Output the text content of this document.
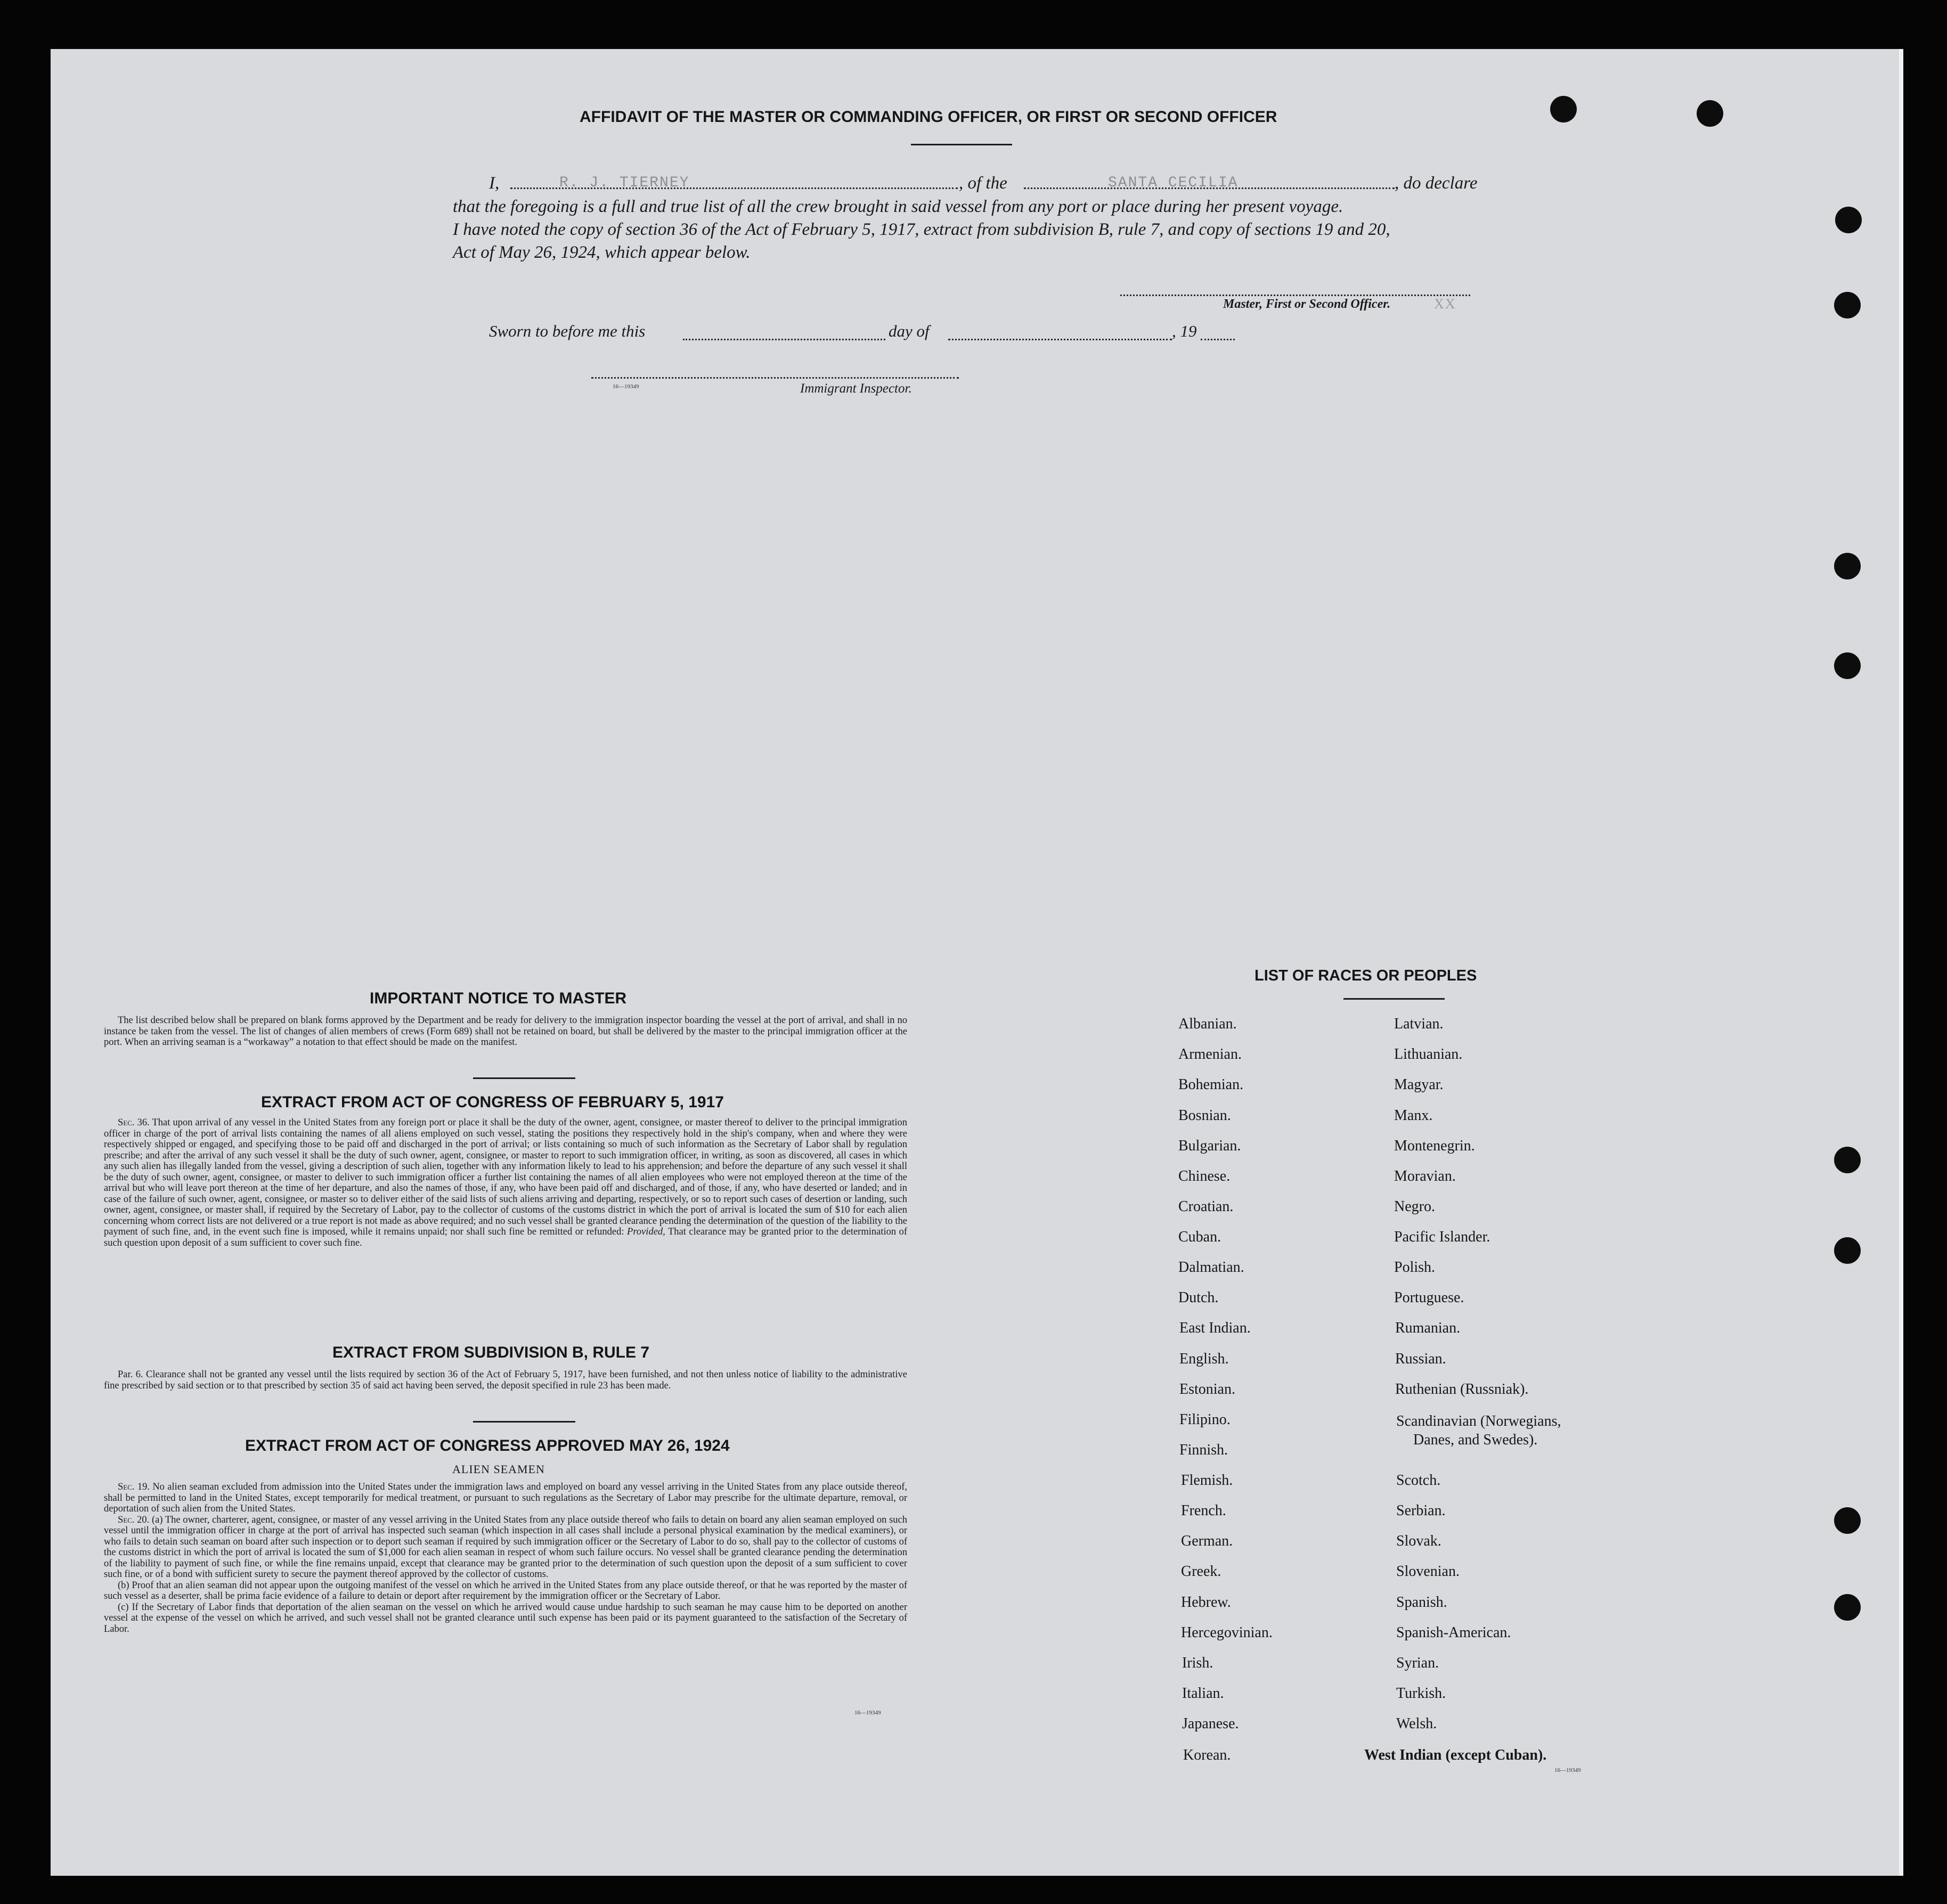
AFFIDAVIT OF THE MASTER OR COMMANDING OFFICER, OR FIRST OR SECOND OFFICER
I,	R. J. TIERNEY	, of the	SANTA CECILIA	, do declare
that the foregoing is a full and true list of all the crew brought in said vessel from any port or place during her present voyage.
I have noted the copy of section 36 of the Act of February 5, 1917, extract from subdivision B, rule 7, and copy of sections 19 and 20,
Act of May 26, 1924, which appear below.
Master, First or Second Officer.	XX
Sworn to before me this	day of	, 19
16—19349	Immigrant Inspector.
IMPORTANT NOTICE TO MASTER

The list described below shall be prepared on blank forms approved by the Department and be ready for delivery to the immigration inspector boarding the vessel at the port of arrival, and shall in no instance be taken from the vessel. The list of changes of alien members of crews (Form 689) shall not be retained on board, but shall be delivered by the master to the principal immigration officer at the port. When an arriving seaman is a “workaway” a notation to that effect should be made on the manifest.

EXTRACT FROM ACT OF CONGRESS OF FEBRUARY 5, 1917

Sec. 36. That upon arrival of any vessel in the United States from any foreign port or place it shall be the duty of the owner, agent, consignee, or master thereof to deliver to the principal immigration officer in charge of the port of arrival lists containing the names of all aliens employed on such vessel, stating the positions they respectively hold in the ship's company, when and where they were respectively shipped or engaged, and specifying those to be paid off and discharged in the port of arrival; or lists containing so much of such information as the Secretary of Labor shall by regulation prescribe; and after the arrival of any such vessel it shall be the duty of such owner, agent, consignee, or master to report to such immigration officer, in writing, as soon as discovered, all cases in which any such alien has illegally landed from the vessel, giving a description of such alien, together with any information likely to lead to his apprehension; and before the departure of any such vessel it shall be the duty of such owner, agent, consignee, or master to deliver to such immigration officer a further list containing the names of all alien employees who were not employed thereon at the time of the arrival but who will leave port thereon at the time of her departure, and also the names of those, if any, who have been paid off and discharged, and of those, if any, who have deserted or landed; and in case of the failure of such owner, agent, consignee, or master so to deliver either of the said lists of such aliens arriving and departing, respectively, or so to report such cases of desertion or landing, such owner, agent, consignee, or master shall, if required by the Secretary of Labor, pay to the collector of customs of the customs district in which the port of arrival is located the sum of $10 for each alien concerning whom correct lists are not delivered or a true report is not made as above required; and no such vessel shall be granted clearance pending the determination of the question of the liability to the payment of such fine, and, in the event such fine is imposed, while it remains unpaid; nor shall such fine be remitted or refunded: Provided, That clearance may be granted prior to the determination of such question upon deposit of a sum sufficient to cover such fine.

EXTRACT FROM SUBDIVISION B, RULE 7

Par. 6. Clearance shall not be granted any vessel until the lists required by section 36 of the Act of February 5, 1917, have been furnished, and not then unless notice of liability to the administrative fine prescribed by said section or to that prescribed by section 35 of said act having been served, the deposit specified in rule 23 has been made.

EXTRACT FROM ACT OF CONGRESS APPROVED MAY 26, 1924
ALIEN SEAMEN

Sec. 19. No alien seaman excluded from admission into the United States under the immigration laws and employed on board any vessel arriving in the United States from any place outside thereof, shall be permitted to land in the United States, except temporarily for medical treatment, or pursuant to such regulations as the Secretary of Labor may prescribe for the ultimate departure, removal, or deportation of such alien from the United States.

Sec. 20. (a) The owner, charterer, agent, consignee, or master of any vessel arriving in the United States from any place outside thereof who fails to detain on board any alien seaman employed on such vessel until the immigration officer in charge at the port of arrival has inspected such seaman (which inspection in all cases shall include a personal physical examination by the medical examiners), or who fails to detain such seaman on board after such inspection or to deport such seaman if required by such immigration officer or the Secretary of Labor to do so, shall pay to the collector of customs of the customs district in which the port of arrival is located the sum of $1,000 for each alien seaman in respect of whom such failure occurs. No vessel shall be granted clearance pending the determination of the liability to payment of such fine, or while the fine remains unpaid, except that clearance may be granted prior to the determination of such question upon the deposit of a sum sufficient to cover such fine, or of a bond with sufficient surety to secure the payment thereof approved by the collector of customs.

(b) Proof that an alien seaman did not appear upon the outgoing manifest of the vessel on which he arrived in the United States from any place outside thereof, or that he was reported by the master of such vessel as a deserter, shall be prima facie evidence of a failure to detain or deport after requirement by the immigration officer or the Secretary of Labor.

(c) If the Secretary of Labor finds that deportation of the alien seaman on the vessel on which he arrived would cause undue hardship to such seaman he may cause him to be deported on another vessel at the expense of the vessel on which he arrived, and such vessel shall not be granted clearance until such expense has been paid or its payment guaranteed to the satisfaction of the Secretary of Labor.

16—19349
LIST OF RACES OR PEOPLES
Albanian.
Armenian.
Bohemian.
Bosnian.
Bulgarian.
Chinese.
Croatian.
Cuban.
Dalmatian.
Dutch.
East Indian.
English.
Estonian.
Filipino.
Finnish.
Flemish.
French.
German.
Greek.
Hebrew.
Hercegovinian.
Irish.
Italian.
Japanese.
Korean.
Latvian.
Lithuanian.
Magyar.
Manx.
Montenegrin.
Moravian.
Negro.
Pacific Islander.
Polish.
Portuguese.
Rumanian.
Russian.
Ruthenian (Russniak).
Scandinavian (Norwegians,
Danes, and Swedes).
Scotch.
Serbian.
Slovak.
Slovenian.
Spanish.
Spanish-American.
Syrian.
Turkish.
Welsh.
West Indian (except Cuban).
16—19349
